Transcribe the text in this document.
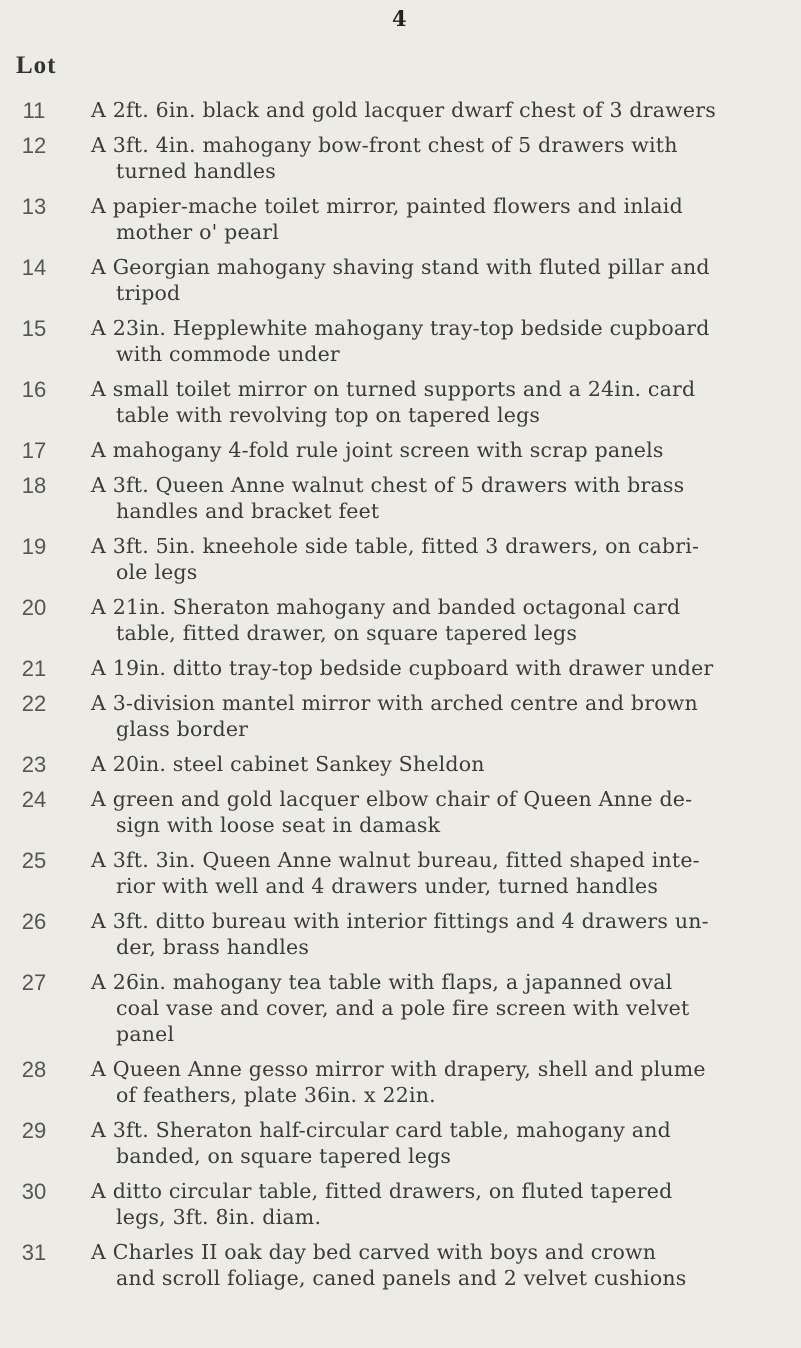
4
Lot
11 A 2ft. 6in. black and gold lacquer dwarf chest of 3 drawers
12 A 3ft. 4in. mahogany bow-front chest of 5 drawers with
turned handles
13 A papier-mache toilet mirror, painted flowers and inlaid
mother o' pearl
14 A Georgian mahogany shaving stand with fluted pillar and
tripod
15 A 23in. Hepplewhite mahogany tray-top bedside cupboard
with commode under
16 A small toilet mirror on turned supports and a 24in. card
table with revolving top on tapered legs
17 A mahogany 4-fold rule joint screen with scrap panels
18 A 3ft. Queen Anne walnut chest of 5 drawers with brass
handles and bracket feet
19 A 3ft. 5in. kneehole side table, fitted 3 drawers, on cabri-
ole legs
20 A 21in. Sheraton mahogany and banded octagonal card
table, fitted drawer, on square tapered legs
21 A 19in. ditto tray-top bedside cupboard with drawer under
22 A 3-division mantel mirror with arched centre and brown
glass border
23 A 20in. steel cabinet Sankey Sheldon
24 A green and gold lacquer elbow chair of Queen Anne de-
sign with loose seat in damask
25 A 3ft. 3in. Queen Anne walnut bureau, fitted shaped inte-
rior with well and 4 drawers under, turned handles
26 A 3ft. ditto bureau with interior fittings and 4 drawers un-
der, brass handles
27 A 26in. mahogany tea table with flaps, a japanned oval
coal vase and cover, and a pole fire screen with velvet
panel
28 A Queen Anne gesso mirror with drapery, shell and plume
of feathers, plate 36in. x 22in.
29 A 3ft. Sheraton half-circular card table, mahogany and
banded, on square tapered legs
30 A ditto circular table, fitted drawers, on fluted tapered
legs, 3ft. 8in. diam.
31 A Charles II oak day bed carved with boys and crown
and scroll foliage, caned panels and 2 velvet cushions
